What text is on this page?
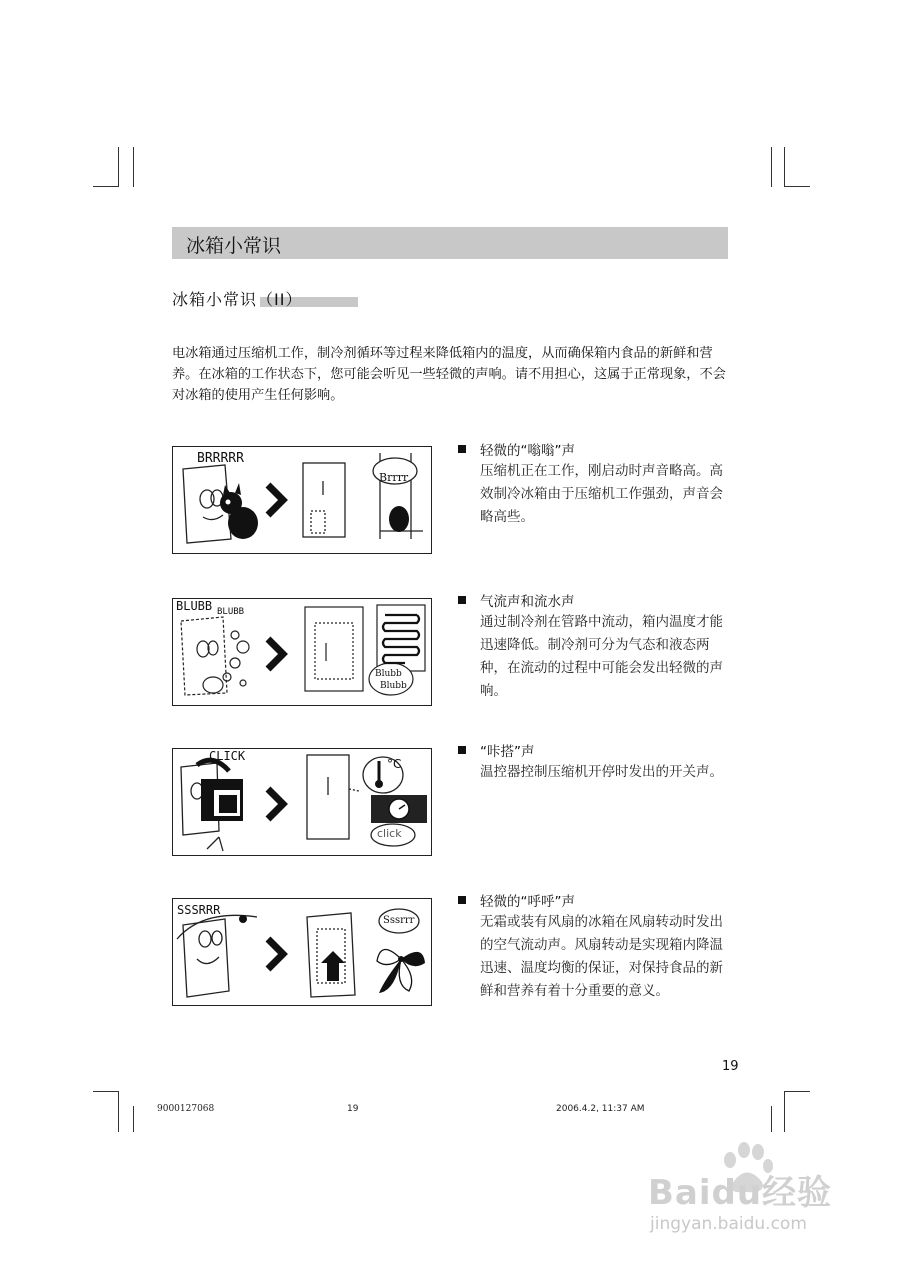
冰箱小常识
冰箱小常识（II）
电冰箱通过压缩机工作，制冷剂循环等过程来降低箱内的温度，从而确保箱内食品的新鲜和营养。在冰箱的工作状态下，您可能会听见一些轻微的声响。请不用担心，这属于正常现象，不会对冰箱的使用产生任何影响。
BRRRRR
Brrrr
轻微的“嗡嗡”声
压缩机正在工作，刚启动时声音略高。高效制冷冰箱由于压缩机工作强劲，声音会略高些。
BLUBB BLUBB
Blubb
Blubb
气流声和流水声
通过制冷剂在管路中流动，箱内温度才能迅速降低。制冷剂可分为气态和液态两种，在流动的过程中可能会发出轻微的声响。
CLICK
°C
click
“咔搭”声
温控器控制压缩机开停时发出的开关声。
SSSRRR
Sssrrr
轻微的“呼呼”声
无霜或装有风扇的冰箱在风扇转动时发出的空气流动声。风扇转动是实现箱内降温迅速、温度均衡的保证，对保持食品的新鲜和营养有着十分重要的意义。
19
9000127068	19	2006.4.2, 11:37 AM
Baidu经验
jingyan.baidu.com
